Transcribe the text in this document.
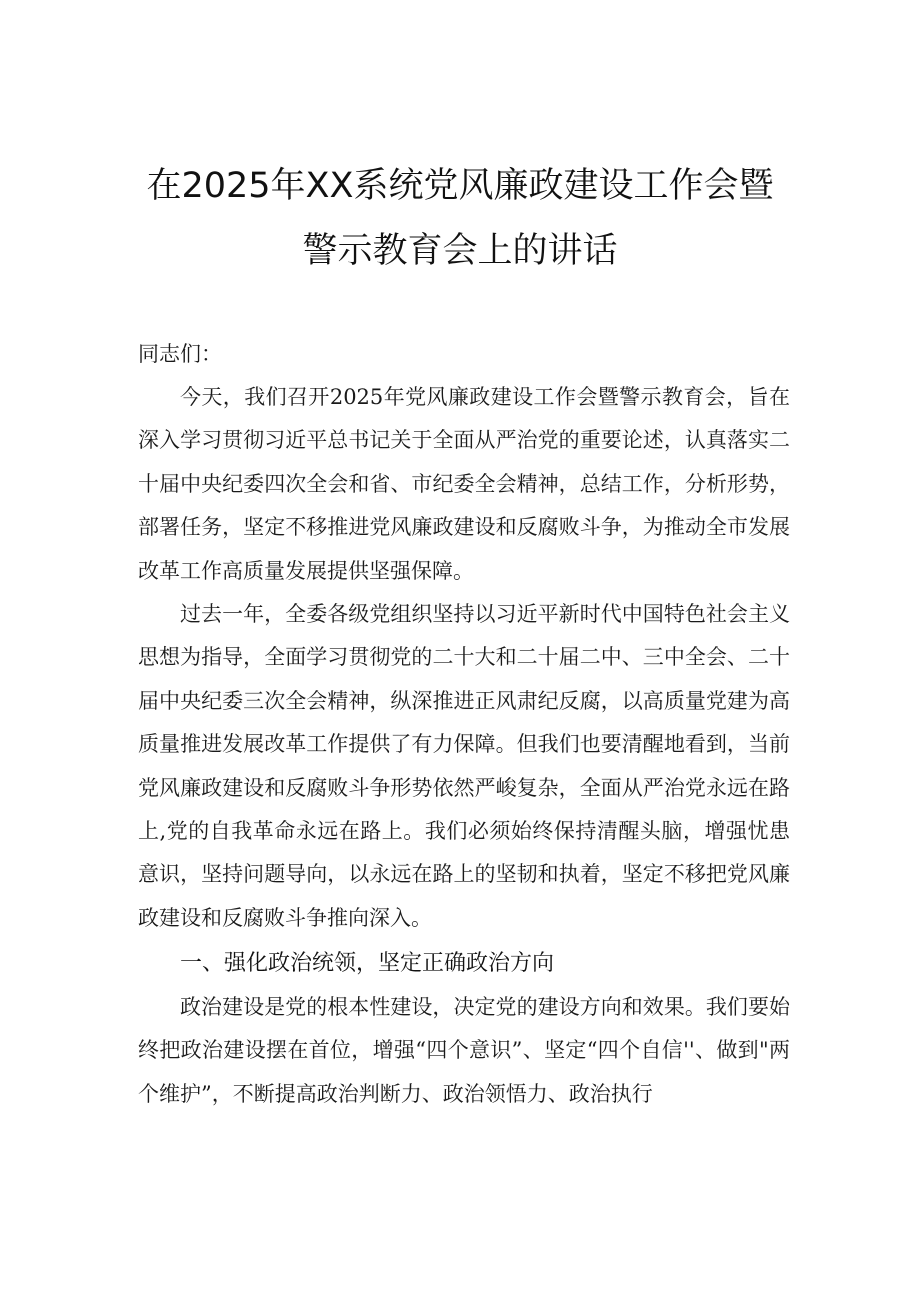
在2025年XX系统党风廉政建设工作会暨
警示教育会上的讲话

同志们：

今天，我们召开2025年党风廉政建设工作会暨警示教育会，旨在深入学习贯彻习近平总书记关于全面从严治党的重要论述，认真落实二十届中央纪委四次全会和省、市纪委全会精神，总结工作，分析形势，部署任务，坚定不移推进党风廉政建设和反腐败斗争，为推动全市发展改革工作高质量发展提供坚强保障。

过去一年，全委各级党组织坚持以习近平新时代中国特色社会主义思想为指导，全面学习贯彻党的二十大和二十届二中、三中全会、二十届中央纪委三次全会精神，纵深推进正风肃纪反腐，以高质量党建为高质量推进发展改革工作提供了有力保障。但我们也要清醒地看到，当前党风廉政建设和反腐败斗争形势依然严峻复杂，全面从严治党永远在路上,党的自我革命永远在路上。我们必须始终保持清醒头脑，增强忧患意识，坚持问题导向，以永远在路上的坚韧和执着，坚定不移把党风廉政建设和反腐败斗争推向深入。

一、强化政治统领，坚定正确政治方向

政治建设是党的根本性建设，决定党的建设方向和效果。我们要始终把政治建设摆在首位，增强“四个意识”、坚定“四个自信''、做到"两个维护”，不断提高政治判断力、政治领悟力、政治执行
